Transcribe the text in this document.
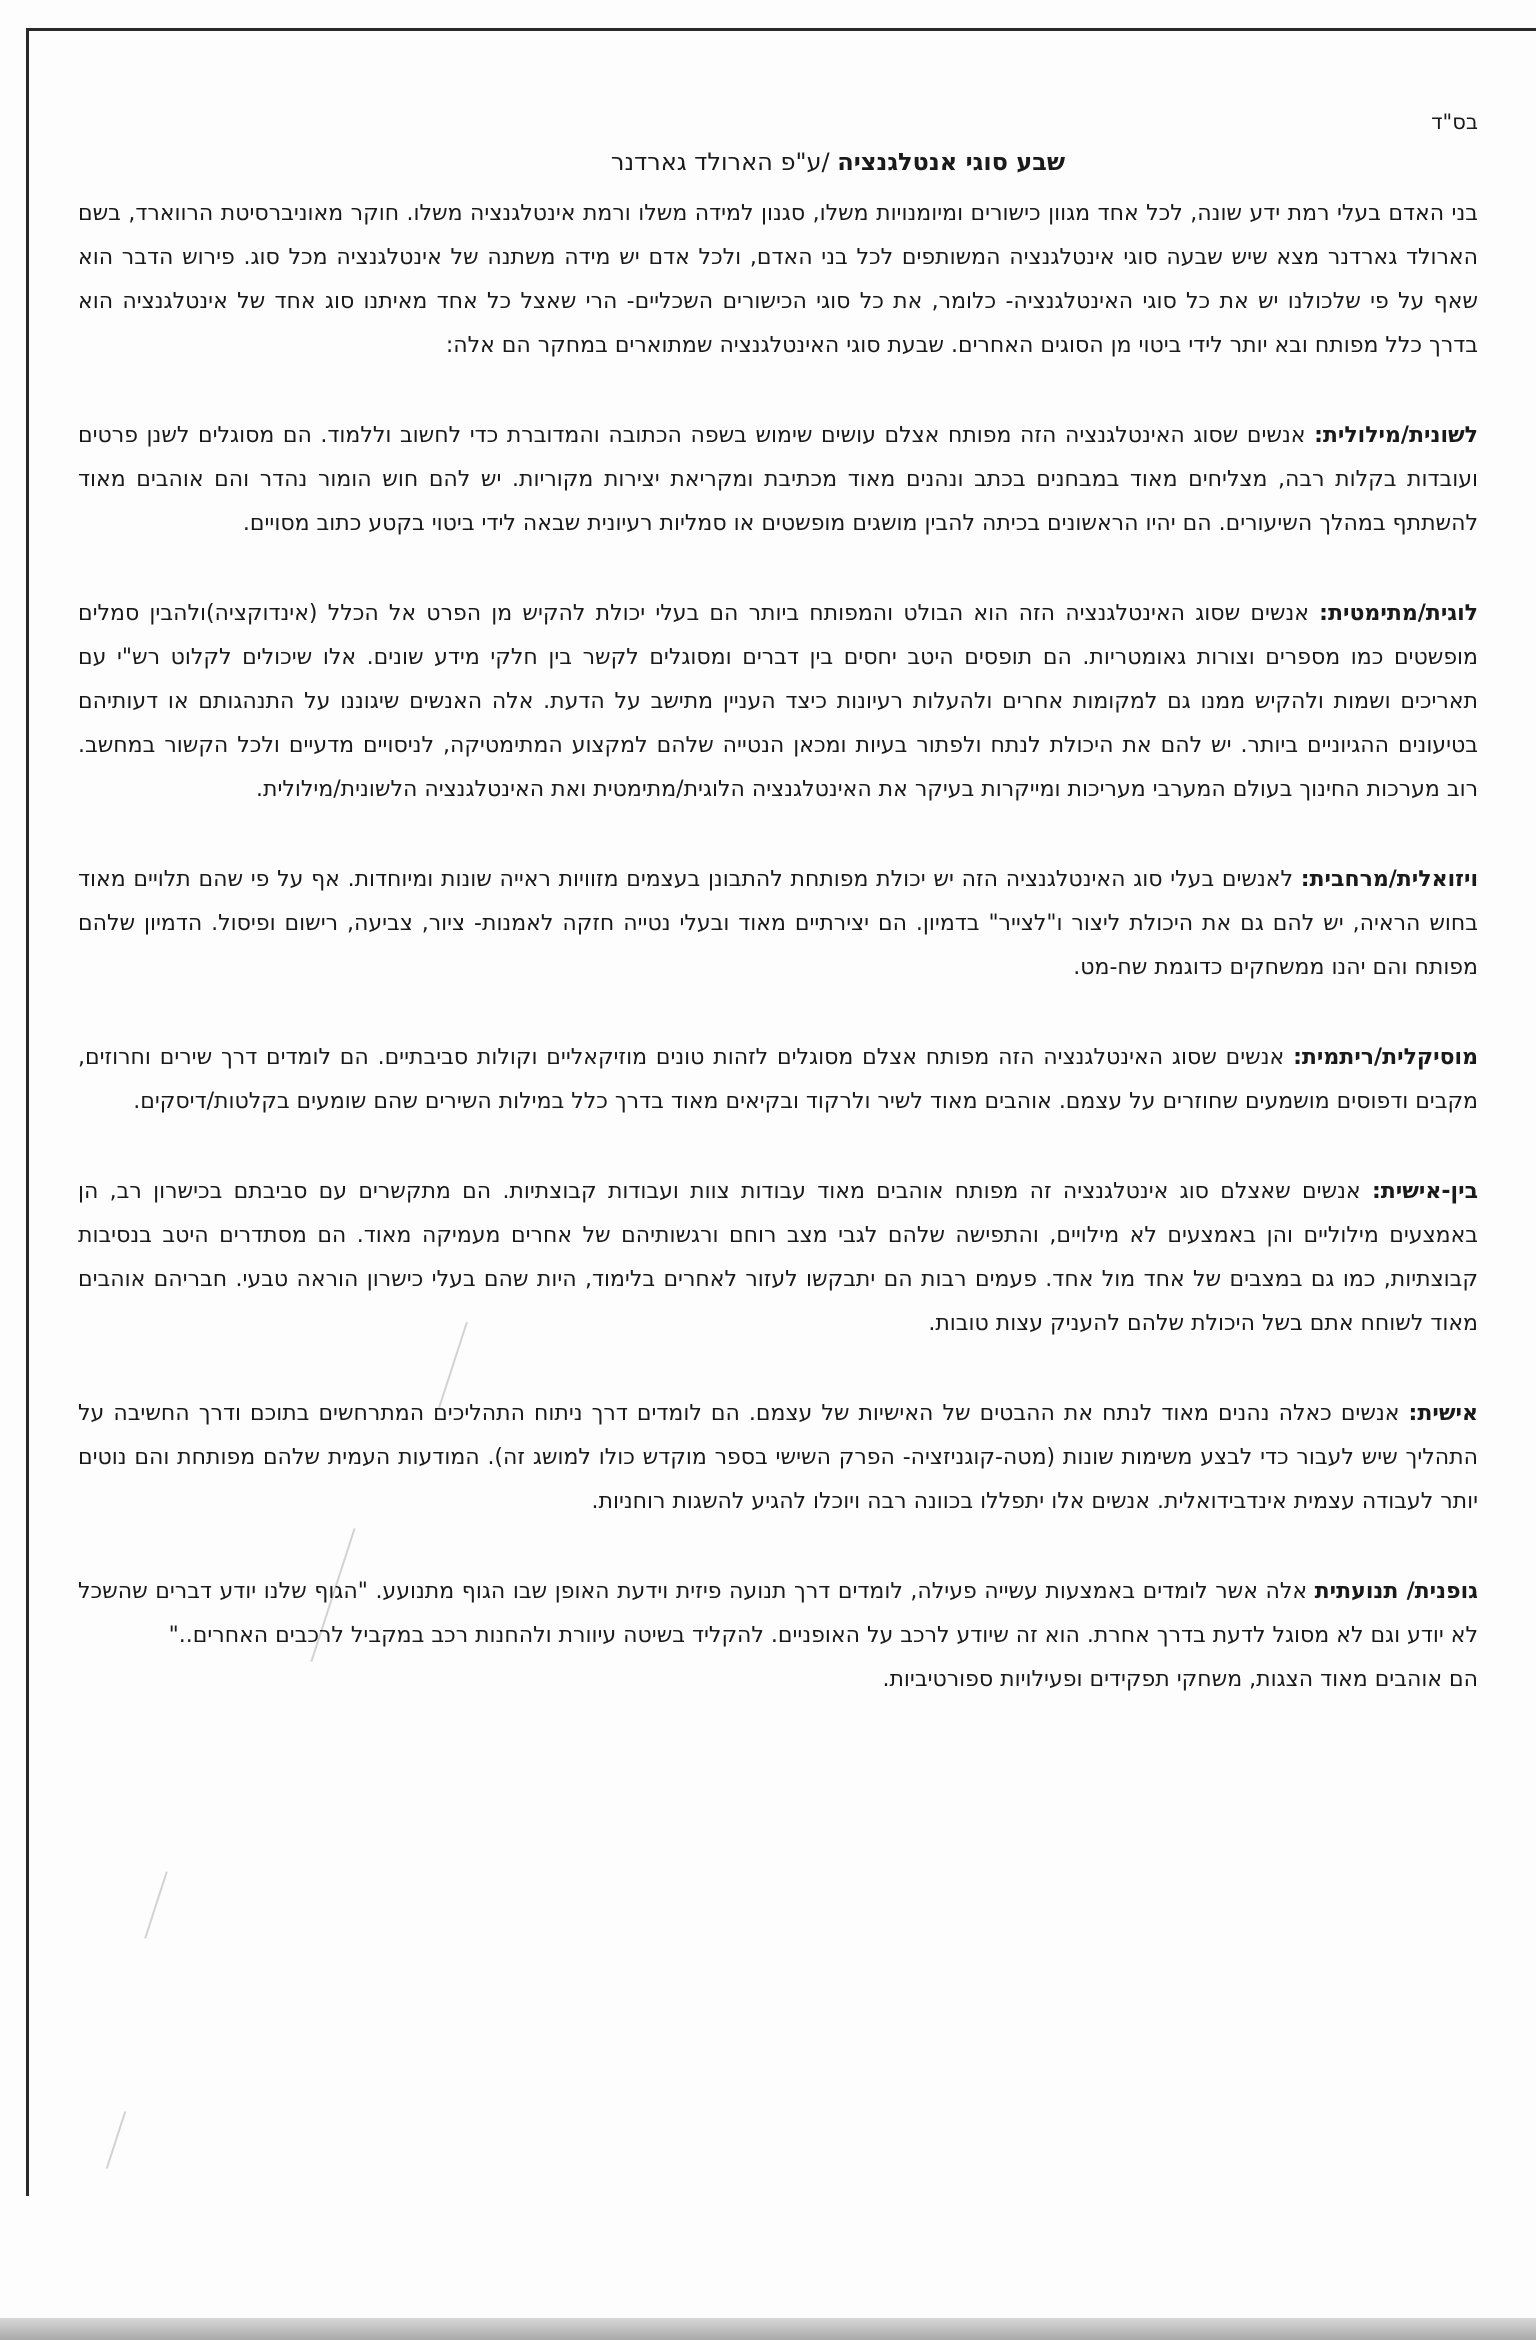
בס"ד

שבע סוגי אנטלגנציה /ע"פ הארולד גארדנר

בני האדם בעלי רמת ידע שונה, לכל אחד מגוון כישורים ומיומנויות משלו, סגנון למידה משלו ורמת אינטלגנציה משלו. חוקר מאוניברסיטת הרווארד, בשם הארולד גארדנר מצא שיש שבעה סוגי אינטלגנציה המשותפים לכל בני האדם, ולכל אדם יש מידה משתנה של אינטלגנציה מכל סוג. פירוש הדבר הוא שאף על פי שלכולנו יש את כל סוגי האינטלגנציה- כלומר, את כל סוגי הכישורים השכליים- הרי שאצל כל אחד מאיתנו סוג אחד של אינטלגנציה הוא בדרך כלל מפותח ובא יותר לידי ביטוי מן הסוגים האחרים. שבעת סוגי האינטלגנציה שמתוארים במחקר הם אלה:

לשונית/מילולית: אנשים שסוג האינטלגנציה הזה מפותח אצלם עושים שימוש בשפה הכתובה והמדוברת כדי לחשוב וללמוד. הם מסוגלים לשנן פרטים ועובדות בקלות רבה, מצליחים מאוד במבחנים בכתב ונהנים מאוד מכתיבת ומקריאת יצירות מקוריות. יש להם חוש הומור נהדר והם אוהבים מאוד להשתתף במהלך השיעורים. הם יהיו הראשונים בכיתה להבין מושגים מופשטים או סמליות רעיונית שבאה לידי ביטוי בקטע כתוב מסויים.

לוגית/מתימטית: אנשים שסוג האינטלגנציה הזה הוא הבולט והמפותח ביותר הם בעלי יכולת להקיש מן הפרט אל הכלל (אינדוקציה)ולהבין סמלים מופשטים כמו מספרים וצורות גאומטריות. הם תופסים היטב יחסים בין דברים ומסוגלים לקשר בין חלקי מידע שונים. אלו שיכולים לקלוט רש"י עם תאריכים ושמות ולהקיש ממנו גם למקומות אחרים ולהעלות רעיונות כיצד העניין מתישב על הדעת. אלה האנשים שיגוננו על התנהגותם או דעותיהם בטיעונים ההגיוניים ביותר. יש להם את היכולת לנתח ולפתור בעיות ומכאן הנטייה שלהם למקצוע המתימטיקה, לניסויים מדעיים ולכל הקשור במחשב. רוב מערכות החינוך בעולם המערבי מעריכות ומייקרות בעיקר את האינטלגנציה הלוגית/מתימטית ואת האינטלגנציה הלשונית/מילולית.

ויזואלית/מרחבית: לאנשים בעלי סוג האינטלגנציה הזה יש יכולת מפותחת להתבונן בעצמים מזוויות ראייה שונות ומיוחדות. אף על פי שהם תלויים מאוד בחוש הראיה, יש להם גם את היכולת ליצור ו"לצייר" בדמיון. הם יצירתיים מאוד ובעלי נטייה חזקה לאמנות- ציור, צביעה, רישום ופיסול. הדמיון שלהם מפותח והם יהנו ממשחקים כדוגמת שח-מט.

מוסיקלית/ריתמית: אנשים שסוג האינטלגנציה הזה מפותח אצלם מסוגלים לזהות טונים מוזיקאליים וקולות סביבתיים. הם לומדים דרך שירים וחרוזים, מקבים ודפוסים מושמעים שחוזרים על עצמם. אוהבים מאוד לשיר ולרקוד ובקיאים מאוד בדרך כלל במילות השירים שהם שומעים בקלטות/דיסקים.

בין-אישית: אנשים שאצלם סוג אינטלגנציה זה מפותח אוהבים מאוד עבודות צוות ועבודות קבוצתיות. הם מתקשרים עם סביבתם בכישרון רב, הן באמצעים מילוליים והן באמצעים לא מילויים, והתפישה שלהם לגבי מצב רוחם ורגשותיהם של אחרים מעמיקה מאוד. הם מסתדרים היטב בנסיבות קבוצתיות, כמו גם במצבים של אחד מול אחד. פעמים רבות הם יתבקשו לעזור לאחרים בלימוד, היות שהם בעלי כישרון הוראה טבעי. חבריהם אוהבים מאוד לשוחח אתם בשל היכולת שלהם להעניק עצות טובות.

אישית: אנשים כאלה נהנים מאוד לנתח את ההבטים של האישיות של עצמם. הם לומדים דרך ניתוח התהליכים המתרחשים בתוכם ודרך החשיבה על התהליך שיש לעבור כדי לבצע משימות שונות (מטה-קוגניזציה- הפרק השישי בספר מוקדש כולו למושג זה). המודעות העמית שלהם מפותחת והם נוטים יותר לעבודה עצמית אינדבידואלית. אנשים אלו יתפללו בכוונה רבה ויוכלו להגיע להשגות רוחניות.

גופנית/ תנועתית אלה אשר לומדים באמצעות עשייה פעילה, לומדים דרך תנועה פיזית וידעת האופן שבו הגוף מתנועע. "הגוף שלנו יודע דברים שהשכל לא יודע וגם לא מסוגל לדעת בדרך אחרת. הוא זה שיודע לרכב על האופניים. להקליד בשיטה עיוורת ולהחנות רכב במקביל לרכבים האחרים.."

הם אוהבים מאוד הצגות, משחקי תפקידים ופעילויות ספורטיביות.
